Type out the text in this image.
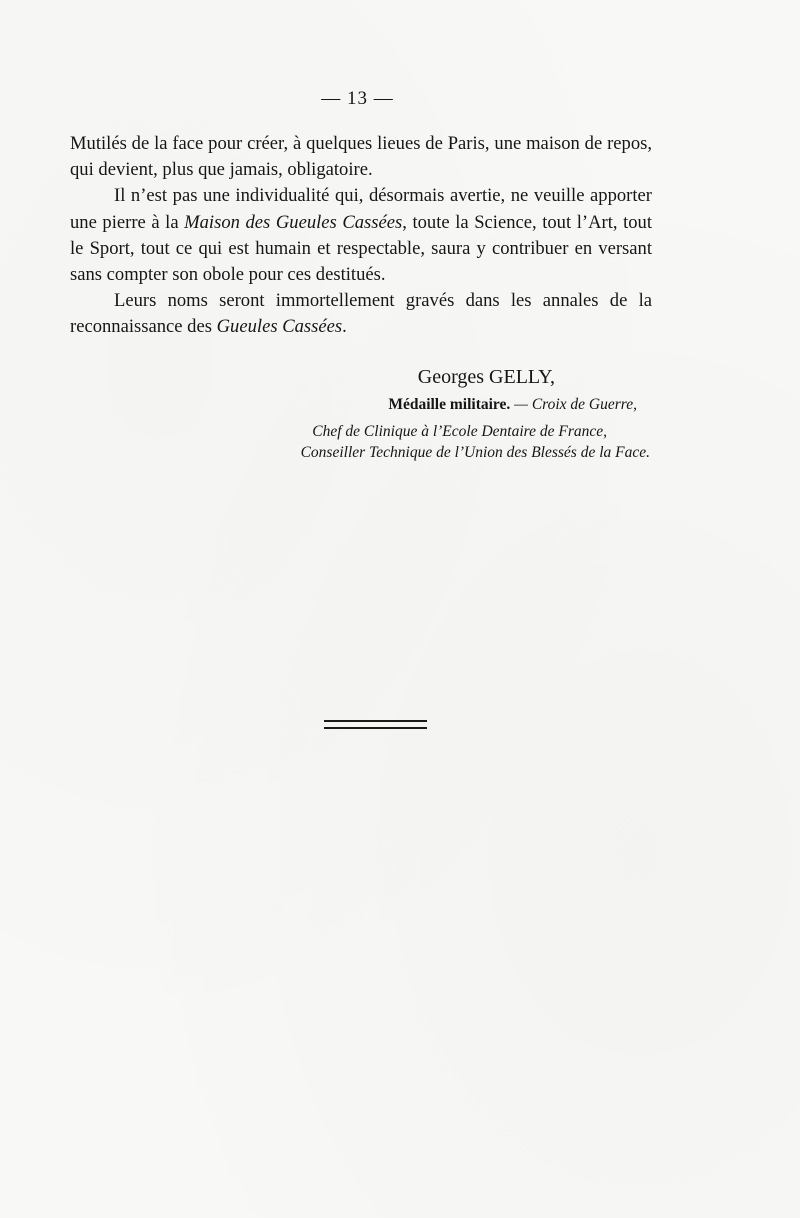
— 13 —

Mutilés de la face pour créer, à quelques lieues de Paris, une maison de repos, qui devient, plus que jamais, obligatoire.

Il n’est pas une individualité qui, désormais avertie, ne veuille apporter une pierre à la Maison des Gueules Cassées, toute la Science, tout l’Art, tout le Sport, tout ce qui est humain et respectable, saura y contribuer en versant sans compter son obole pour ces destitués.

Leurs noms seront immortellement gravés dans les annales de la reconnaissance des Gueules Cassées.

Georges GELLY,
Médaille militaire. — Croix de Guerre,
Chef de Clinique à l’Ecole Dentaire de France,
Conseiller Technique de l’Union des Blessés de la Face.
